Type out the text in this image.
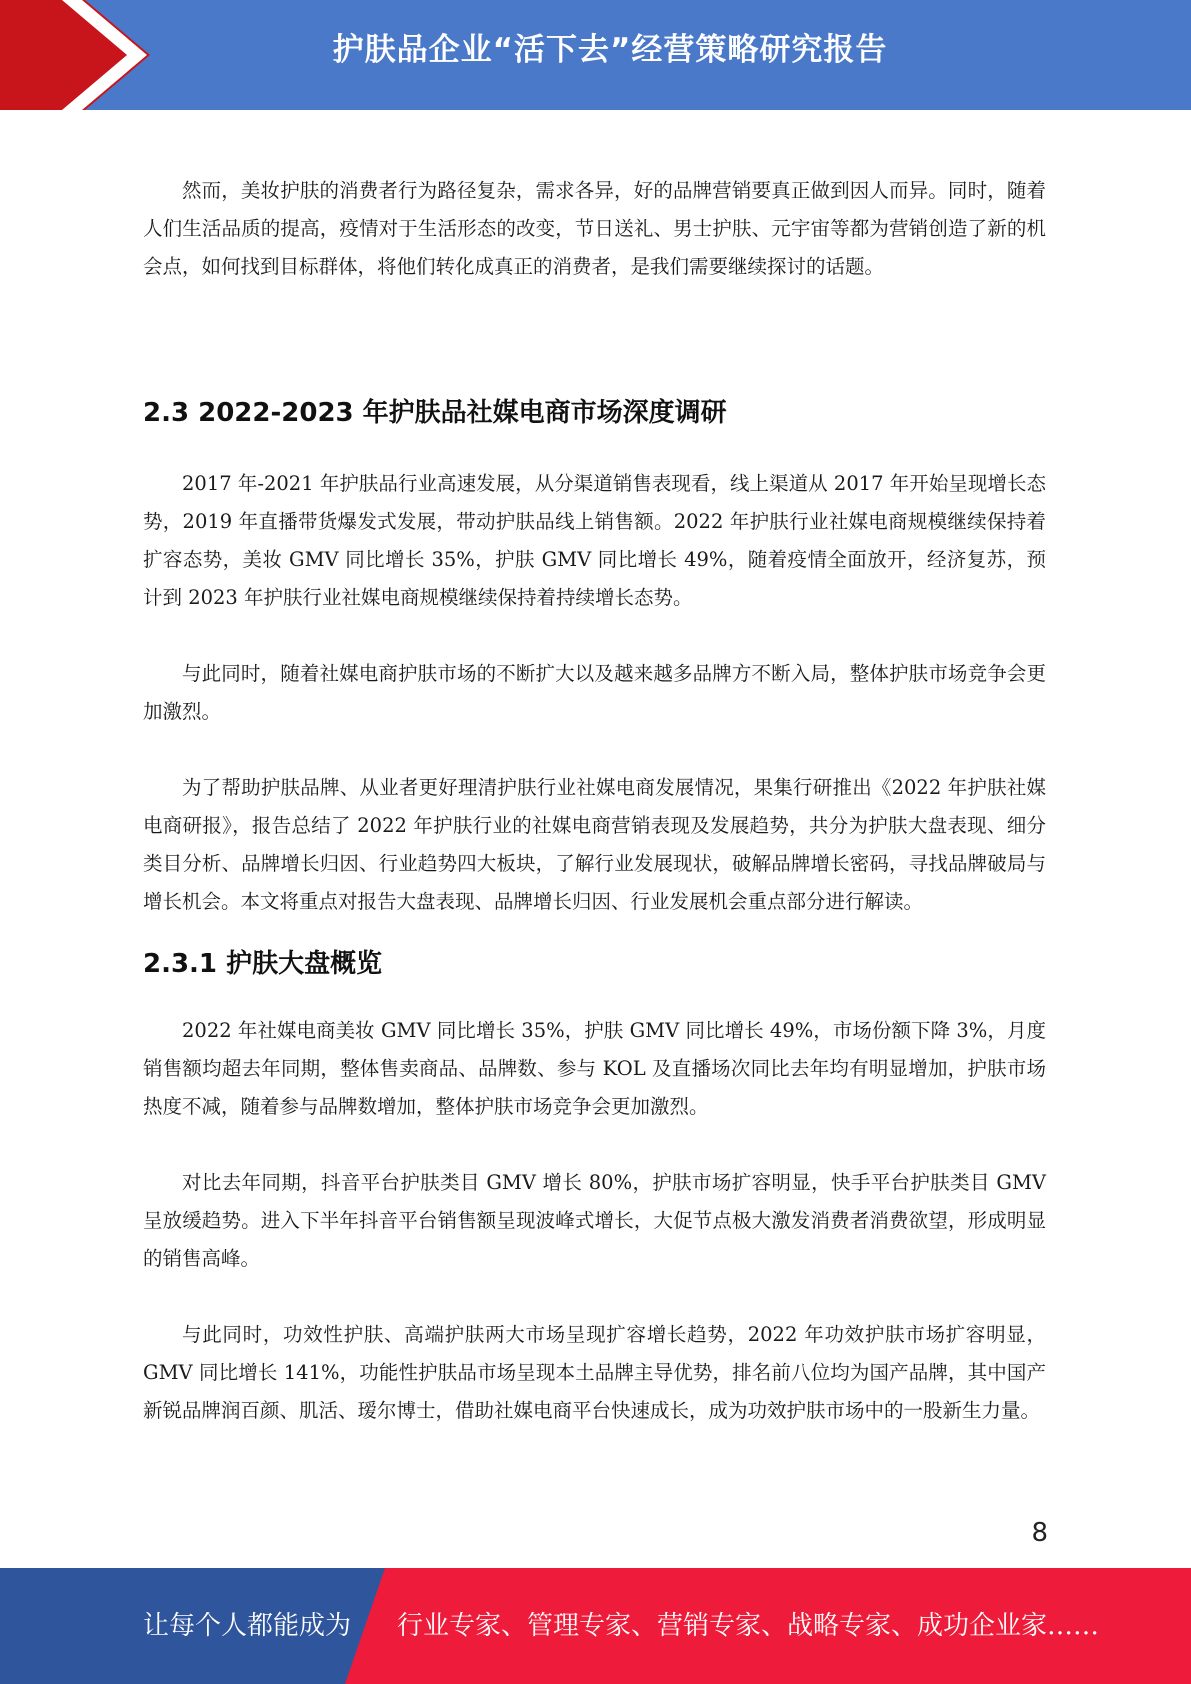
护肤品企业“活下去”经营策略研究报告

然而，美妆护肤的消费者行为路径复杂，需求各异，好的品牌营销要真正做到因人而异。同时，随着人们生活品质的提高，疫情对于生活形态的改变，节日送礼、男士护肤、元宇宙等都为营销创造了新的机会点，如何找到目标群体，将他们转化成真正的消费者，是我们需要继续探讨的话题。

2.3 2022-2023 年护肤品社媒电商市场深度调研

2017 年-2021 年护肤品行业高速发展，从分渠道销售表现看，线上渠道从 2017 年开始呈现增长态势，2019 年直播带货爆发式发展，带动护肤品线上销售额。2022 年护肤行业社媒电商规模继续保持着扩容态势，美妆 GMV 同比增长 35%，护肤 GMV 同比增长 49%，随着疫情全面放开，经济复苏，预计到 2023 年护肤行业社媒电商规模继续保持着持续增长态势。

与此同时，随着社媒电商护肤市场的不断扩大以及越来越多品牌方不断入局，整体护肤市场竞争会更加激烈。

为了帮助护肤品牌、从业者更好理清护肤行业社媒电商发展情况，果集行研推出《2022 年护肤社媒电商研报》，报告总结了 2022 年护肤行业的社媒电商营销表现及发展趋势，共分为护肤大盘表现、细分类目分析、品牌增长归因、行业趋势四大板块，了解行业发展现状，破解品牌增长密码，寻找品牌破局与增长机会。本文将重点对报告大盘表现、品牌增长归因、行业发展机会重点部分进行解读。

2.3.1 护肤大盘概览

2022 年社媒电商美妆 GMV 同比增长 35%，护肤 GMV 同比增长 49%，市场份额下降 3%，月度销售额均超去年同期，整体售卖商品、品牌数、参与 KOL 及直播场次同比去年均有明显增加，护肤市场热度不减，随着参与品牌数增加，整体护肤市场竞争会更加激烈。

对比去年同期，抖音平台护肤类目 GMV 增长 80%，护肤市场扩容明显，快手平台护肤类目 GMV 呈放缓趋势。进入下半年抖音平台销售额呈现波峰式增长，大促节点极大激发消费者消费欲望，形成明显的销售高峰。

与此同时，功效性护肤、高端护肤两大市场呈现扩容增长趋势，2022 年功效护肤市场扩容明显，GMV 同比增长 141%，功能性护肤品市场呈现本土品牌主导优势，排名前八位均为国产品牌，其中国产新锐品牌润百颜、肌活、瑷尔博士，借助社媒电商平台快速成长，成为功效护肤市场中的一股新生力量。

8
让每个人都能成为 行业专家、管理专家、营销专家、战略专家、成功企业家……
